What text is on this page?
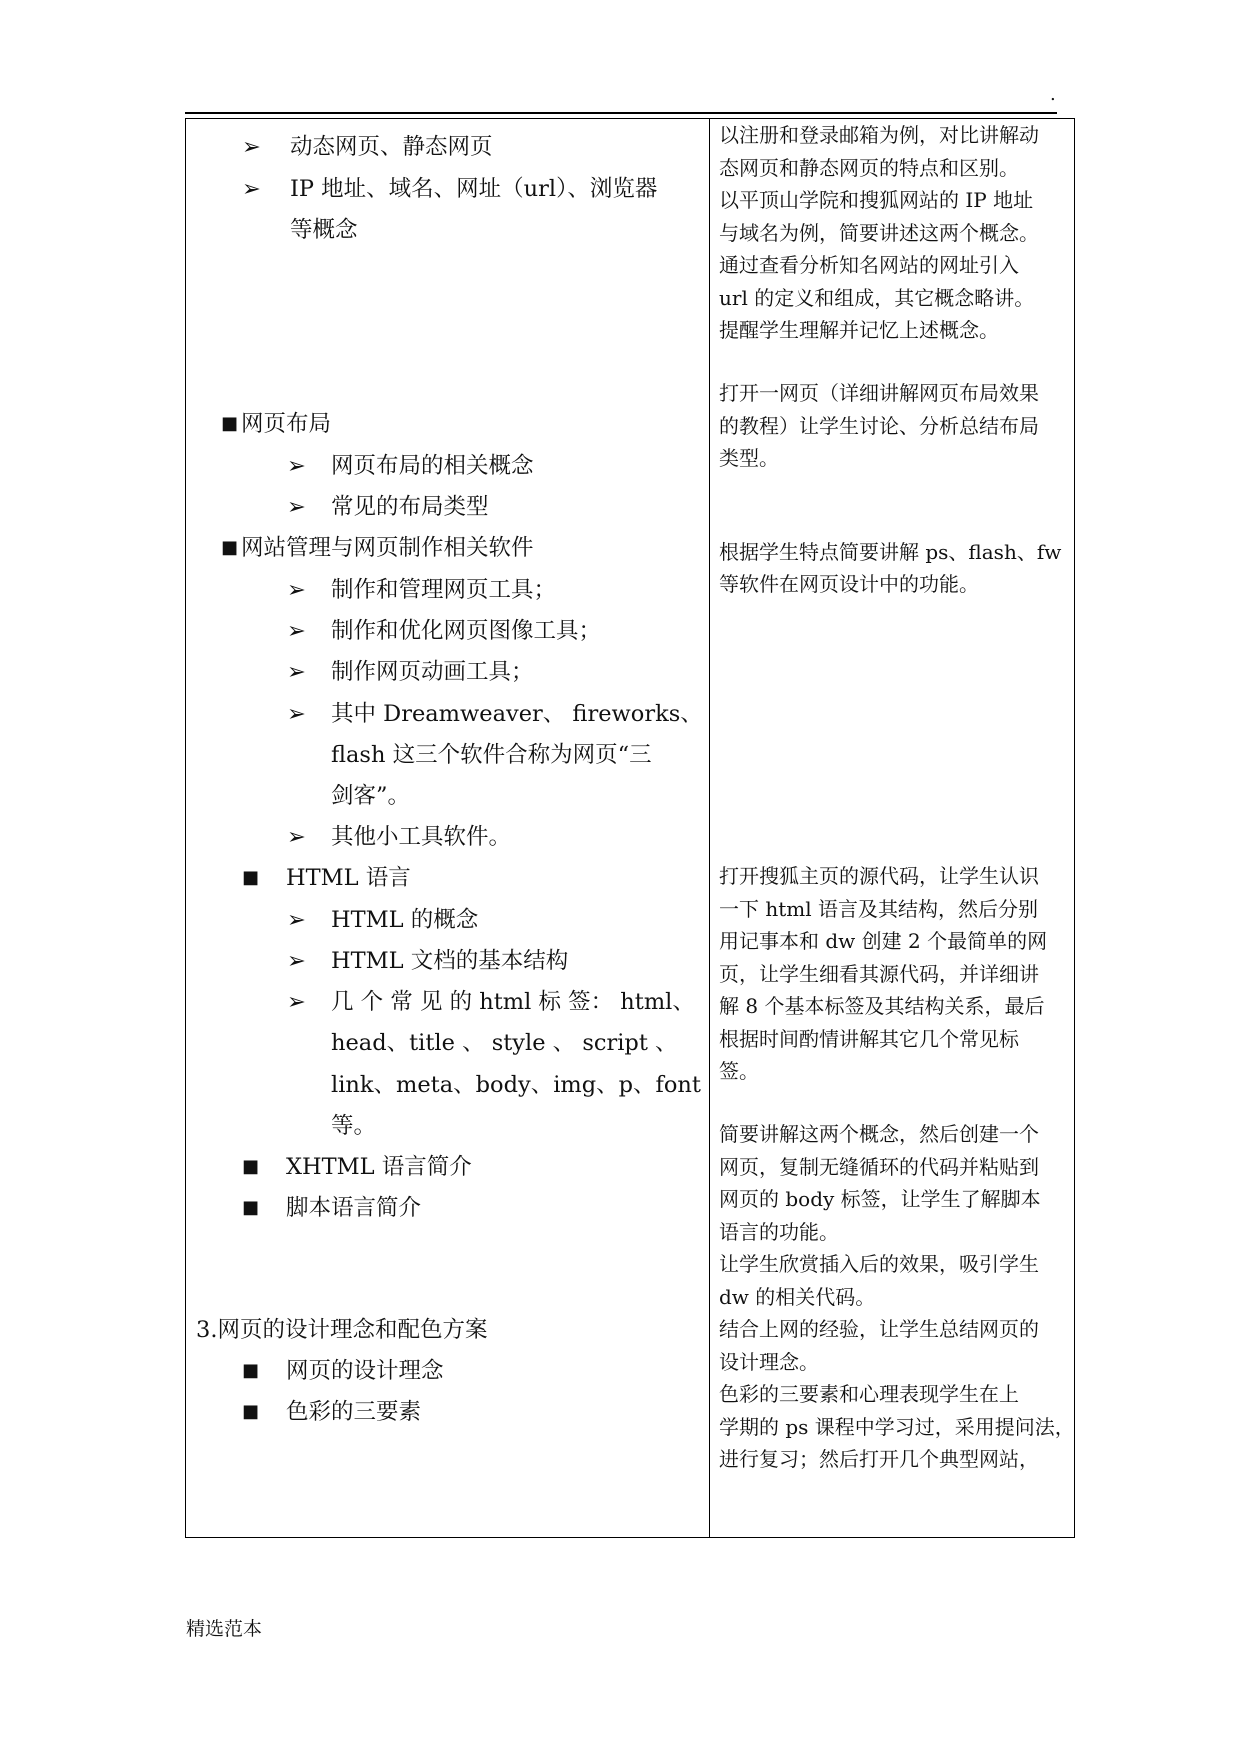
.
➢ 动态网页、静态网页
➢ IP 地址、域名、网址（url）、浏览器
等概念
■ 网页布局
➢ 网页布局的相关概念
➢ 常见的布局类型
■ 网站管理与网页制作相关软件
➢ 制作和管理网页工具；
➢ 制作和优化网页图像工具；
➢ 制作网页动画工具；
➢ 其中 Dreamweaver、 fireworks、
flash 这三个软件合称为网页“三
剑客”。
➢ 其他小工具软件。
■ HTML 语言
➢ HTML 的概念
➢ HTML 文档的基本结构
➢ 几 个 常 见 的 html 标 签： html、
head、title 、 style 、 script 、
link、meta、body、img、p、font
等。
■ XHTML 语言简介
■ 脚本语言简介
3.网页的设计理念和配色方案
■ 网页的设计理念
■ 色彩的三要素
以注册和登录邮箱为例，对比讲解动
态网页和静态网页的特点和区别。
以平顶山学院和搜狐网站的 IP 地址
与域名为例，简要讲述这两个概念。
通过查看分析知名网站的网址引入
url 的定义和组成，其它概念略讲。
提醒学生理解并记忆上述概念。
打开一网页（详细讲解网页布局效果
的教程）让学生讨论、分析总结布局
类型。
根据学生特点简要讲解 ps、flash、fw
等软件在网页设计中的功能。
打开搜狐主页的源代码，让学生认识
一下 html 语言及其结构，然后分别
用记事本和 dw 创建 2 个最简单的网
页，让学生细看其源代码，并详细讲
解 8 个基本标签及其结构关系，最后
根据时间酌情讲解其它几个常见标
签。
简要讲解这两个概念，然后创建一个
网页，复制无缝循环的代码并粘贴到
网页的 body 标签，让学生了解脚本
语言的功能。
让学生欣赏插入后的效果，吸引学生
dw 的相关代码。
结合上网的经验，让学生总结网页的
设计理念。
色彩的三要素和心理表现学生在上
学期的 ps 课程中学习过，采用提问法，
进行复习；然后打开几个典型网站，
精选范本
